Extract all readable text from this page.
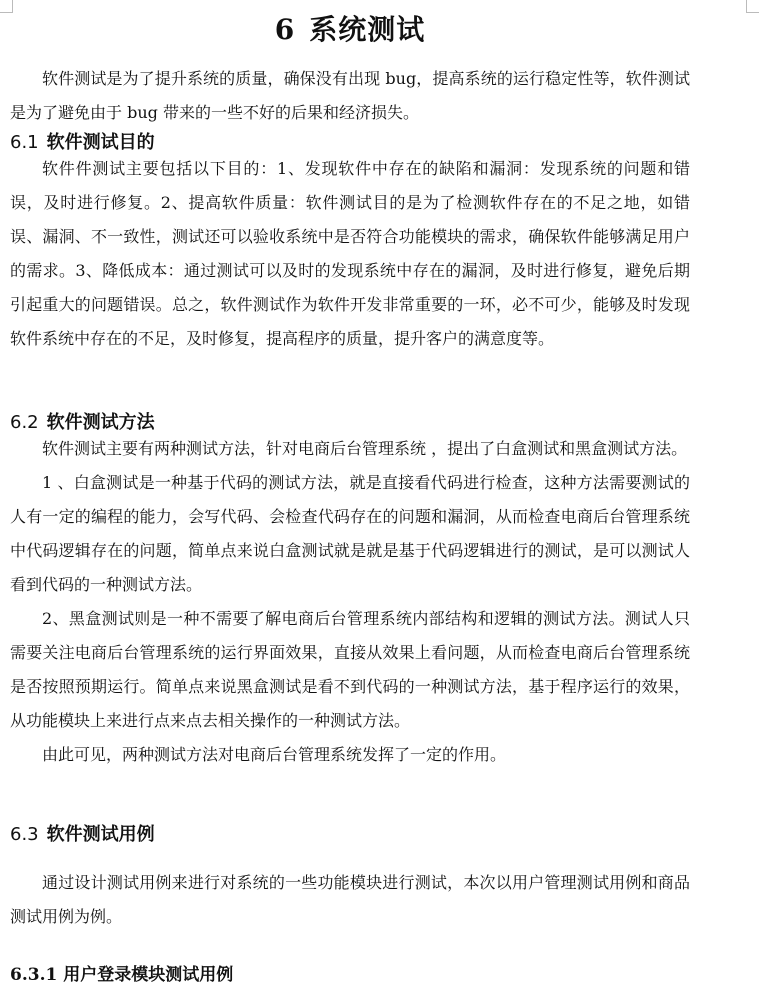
6 系统测试

软件测试是为了提升系统的质量，确保没有出现 bug，提高系统的运行稳定性等，软件测试是为了避免由于 bug 带来的一些不好的后果和经济损失。

6.1 软件测试目的

软件件测试主要包括以下目的：1、发现软件中存在的缺陷和漏洞：发现系统的问题和错误，及时进行修复。2、提高软件质量：软件测试目的是为了检测软件存在的不足之地，如错误、漏洞、不一致性，测试还可以验收系统中是否符合功能模块的需求，确保软件能够满足用户的需求。3、降低成本：通过测试可以及时的发现系统中存在的漏洞，及时进行修复，避免后期引起重大的问题错误。总之，软件测试作为软件开发非常重要的一环，必不可少，能够及时发现软件系统中存在的不足，及时修复，提高程序的质量，提升客户的满意度等。

6.2 软件测试方法

软件测试主要有两种测试方法，针对电商后台管理系统 ，提出了白盒测试和黑盒测试方法。

1 、白盒测试是一种基于代码的测试方法，就是直接看代码进行检查，这种方法需要测试的人有一定的编程的能力，会写代码、会检查代码存在的问题和漏洞，从而检查电商后台管理系统中代码逻辑存在的问题，简单点来说白盒测试就是就是基于代码逻辑进行的测试，是可以测试人看到代码的一种测试方法。

2、黑盒测试则是一种不需要了解电商后台管理系统内部结构和逻辑的测试方法。测试人只需要关注电商后台管理系统的运行界面效果，直接从效果上看问题，从而检查电商后台管理系统 是否按照预期运行。简单点来说黑盒测试是看不到代码的一种测试方法，基于程序运行的效果，从功能模块上来进行点来点去相关操作的一种测试方法。

由此可见，两种测试方法对电商后台管理系统发挥了一定的作用。

6.3 软件测试用例

通过设计测试用例来进行对系统的一些功能模块进行测试，本次以用户管理测试用例和商品测试用例为例。

6.3.1 用户登录模块测试用例
